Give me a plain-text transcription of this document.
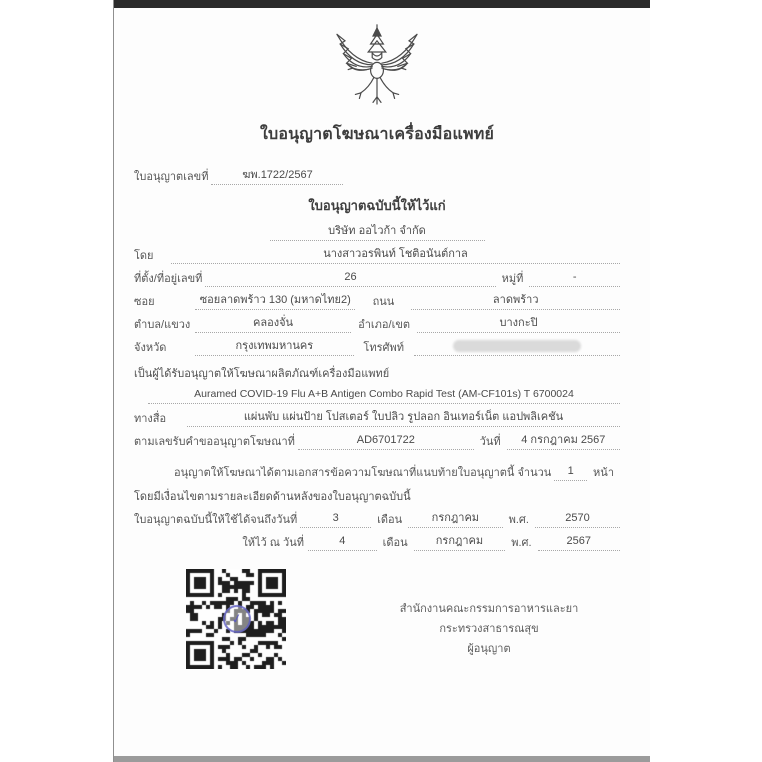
ใบอนุญาตโฆษณาเครื่องมือแพทย์
ใบอนุญาตเลขที่	ฆพ.1722/2567
ใบอนุญาตฉบับนี้ให้ไว้แก่
บริษัท ออไวก้า จำกัด
โดย	นางสาวอรพินท์ โชติอนันต์กาล
ที่ตั้ง/ที่อยู่เลขที่	26	หมู่ที่	-
ซอย	ซอยลาดพร้าว 130 (มหาดไทย2)	ถนน	ลาดพร้าว
ตำบล/แขวง	คลองจั่น	อำเภอ/เขต	บางกะปิ
จังหวัด	กรุงเทพมหานคร	โทรศัพท์
เป็นผู้ได้รับอนุญาตให้โฆษณาผลิตภัณฑ์เครื่องมือแพทย์
Auramed COVID-19 Flu A+B Antigen Combo Rapid Test (AM-CF101s) T 6700024
ทางสื่อ	แผ่นพับ แผ่นป้าย โปสเตอร์ ใบปลิว รูปลอก อินเทอร์เน็ต แอปพลิเคชัน
ตามเลขรับคำขออนุญาตโฆษณาที่	AD6701722	วันที่	4 กรกฎาคม 2567
อนุญาตให้โฆษณาได้ตามเอกสารข้อความโฆษณาที่แนบท้ายใบอนุญาตนี้ จำนวน	1	หน้า
โดยมีเงื่อนไขตามรายละเอียดด้านหลังของใบอนุญาตฉบับนี้
ใบอนุญาตฉบับนี้ให้ใช้ได้จนถึงวันที่	3	เดือน	กรกฎาคม	พ.ศ.	2570
ให้ไว้ ณ วันที่	4	เดือน	กรกฎาคม	พ.ศ.	2567
✓
สำนักงานคณะกรรมการอาหารและยา
กระทรวงสาธารณสุข
ผู้อนุญาต
